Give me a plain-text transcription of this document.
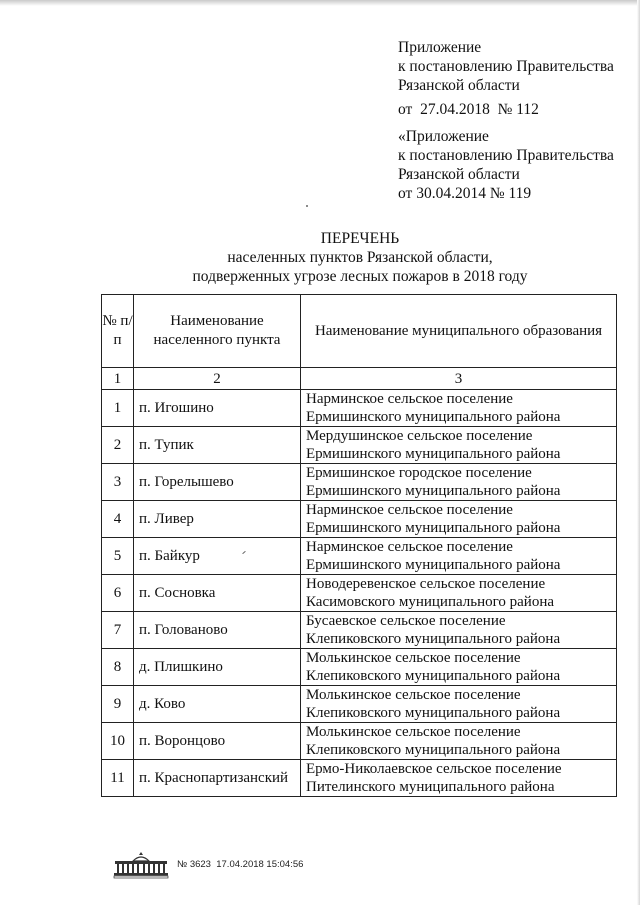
Приложение
к постановлению Правительства
Рязанской области
от  27.04.2018  № 112
«Приложение
к постановлению Правительства
Рязанской области
от 30.04.2014 № 119
ПЕРЕЧЕНЬ
населенных пунктов Рязанской области,
подверженных угрозе лесных пожаров в 2018 году
№ п/п	Наименование населенного пункта	Наименование муниципального образования
1	2	3
1	п. Игошино	Нарминское сельское поселение
Ермишинского муниципального района

2	п. Тупик	Мердушинское сельское поселение
Ермишинского муниципального района

3	п. Горелышево	Ермишинское городское поселение
Ермишинского муниципального района

4	п. Ливер	Нарминское сельское поселение
Ермишинского муниципального района

5	п. Байкур	Нарминское сельское поселение
Ермишинского муниципального района

6	п. Сосновка	Новодеревенское сельское поселение
Касимовского муниципального района

7	п. Голованово	Бусаевское сельское поселение
Клепиковского муниципального района

8	д. Плишкино	Молькинское сельское поселение
Клепиковского муниципального района

9	д. Ково	Молькинское сельское поселение
Клепиковского муниципального района

10	п. Воронцово	Молькинское сельское поселение
Клепиковского муниципального района

11	п. Краснопартизанский	Ермо-Николаевское сельское поселение
Пителинского муниципального района
№ 3623  17.04.2018 15:04:56
